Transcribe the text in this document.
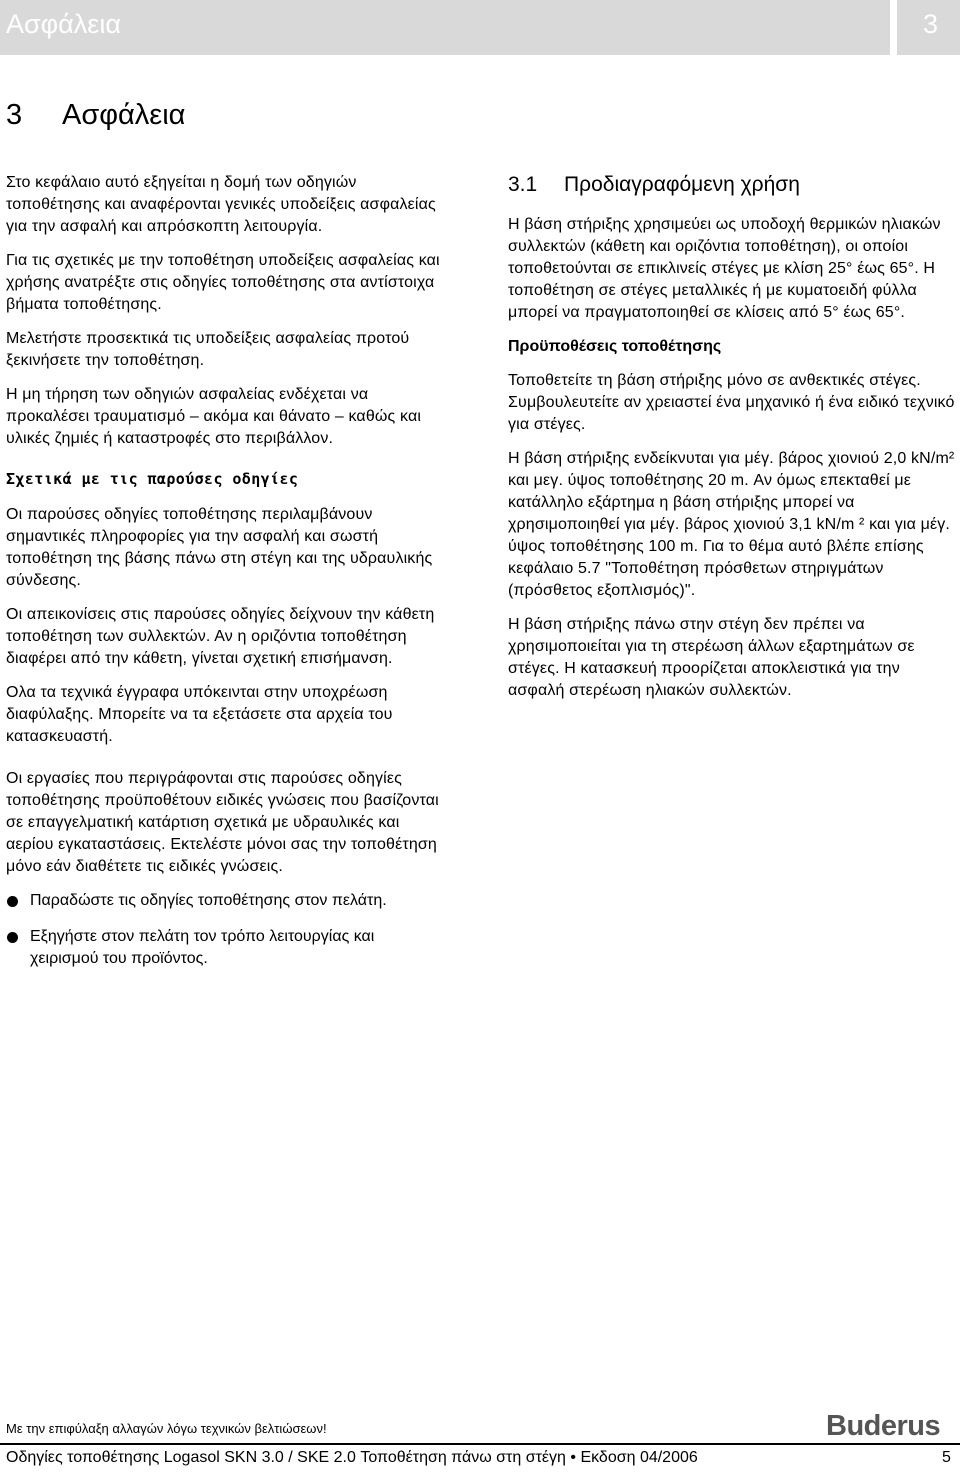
Ασφάλεια	3
3 Ασφάλεια

Στο κεφάλαιο αυτό εξηγείται η δομή των οδηγιών τοποθέτησης και αναφέρονται γενικές υποδείξεις ασφαλείας για την ασφαλή και απρόσκοπτη λειτουργία.

Για τις σχετικές με την τοποθέτηση υποδείξεις ασφαλείας και χρήσης ανατρέξτε στις οδηγίες τοποθέτησης στα αντίστοιχα βήματα τοποθέτησης.

Μελετήστε προσεκτικά τις υποδείξεις ασφαλείας προτού ξεκινήσετε την τοποθέτηση.

Η μη τήρηση των οδηγιών ασφαλείας ενδέχεται να προκαλέσει τραυματισμό – ακόμα και θάνατο – καθώς και υλικές ζημιές ή καταστροφές στο περιβάλλον.

Σχετικά με τις παρούσες οδηγίες

Οι παρούσες οδηγίες τοποθέτησης περιλαμβάνουν σημαντικές πληροφορίες για την ασφαλή και σωστή τοποθέτηση της βάσης πάνω στη στέγη και της υδραυλικής σύνδεσης.

Οι απεικονίσεις στις παρούσες οδηγίες δείχνουν την κάθετη τοποθέτηση των συλλεκτών. Αν η οριζόντια τοποθέτηση διαφέρει από την κάθετη, γίνεται σχετική επισήμανση.

Ολα τα τεχνικά έγγραφα υπόκεινται στην υποχρέωση διαφύλαξης. Μπορείτε να τα εξετάσετε στα αρχεία του κατασκευαστή.

Οι εργασίες που περιγράφονται στις παρούσες οδηγίες τοποθέτησης προϋποθέτουν ειδικές γνώσεις που βασίζονται σε επαγγελματική κατάρτιση σχετικά με υδραυλικές και αερίου εγκαταστάσεις. Εκτελέστε μόνοι σας την τοποθέτηση μόνο εάν διαθέτετε τις ειδικές γνώσεις.

Παραδώστε τις οδηγίες τοποθέτησης στον πελάτη.
Εξηγήστε στον πελάτη τον τρόπο λειτουργίας και χειρισμού του προϊόντος.
3.1 Προδιαγραφόμενη χρήση

Η βάση στήριξης χρησιμεύει ως υποδοχή θερμικών ηλιακών συλλεκτών (κάθετη και οριζόντια τοποθέτηση), οι οποίοι τοποθετούνται σε επικλινείς στέγες με κλίση 25° έως 65°. Η τοποθέτηση σε στέγες μεταλλικές ή με κυματοειδή φύλλα μπορεί να πραγματοποιηθεί σε κλίσεις από 5° έως 65°.

Προϋποθέσεις τοποθέτησης

Τοποθετείτε τη βάση στήριξης μόνο σε ανθεκτικές στέγες. Συμβουλευτείτε αν χρειαστεί ένα μηχανικό ή ένα ειδικό τεχνικό για στέγες.

Η βάση στήριξης ενδείκνυται για μέγ. βάρος χιονιού 2,0 kN/m² και μεγ. ύψος τοποθέτησης 20 m. Αν όμως επεκταθεί με κατάλληλο εξάρτημα η βάση στήριξης μπορεί να χρησιμοποιηθεί για μέγ. βάρος χιονιού 3,1 kN/m ² και για μέγ. ύψος τοποθέτησης 100 m. Για το θέμα αυτό βλέπε επίσης κεφάλαιο 5.7 "Τοποθέτηση πρόσθετων στηριγμάτων (πρόσθετος εξοπλισμός)".

Η βάση στήριξης πάνω στην στέγη δεν πρέπει να χρησιμοποιείται για τη στερέωση άλλων εξαρτημάτων σε στέγες. Η κατασκευή προορίζεται αποκλειστικά για την ασφαλή στερέωση ηλιακών συλλεκτών.

Με την επιφύλαξη αλλαγών λόγω τεχνικών βελτιώσεων!	Buderus
Οδηγίες τοποθέτησης Logasol SKN 3.0 / SKE 2.0 Τοποθέτηση πάνω στη στέγη • Εκδοση 04/2006	5
